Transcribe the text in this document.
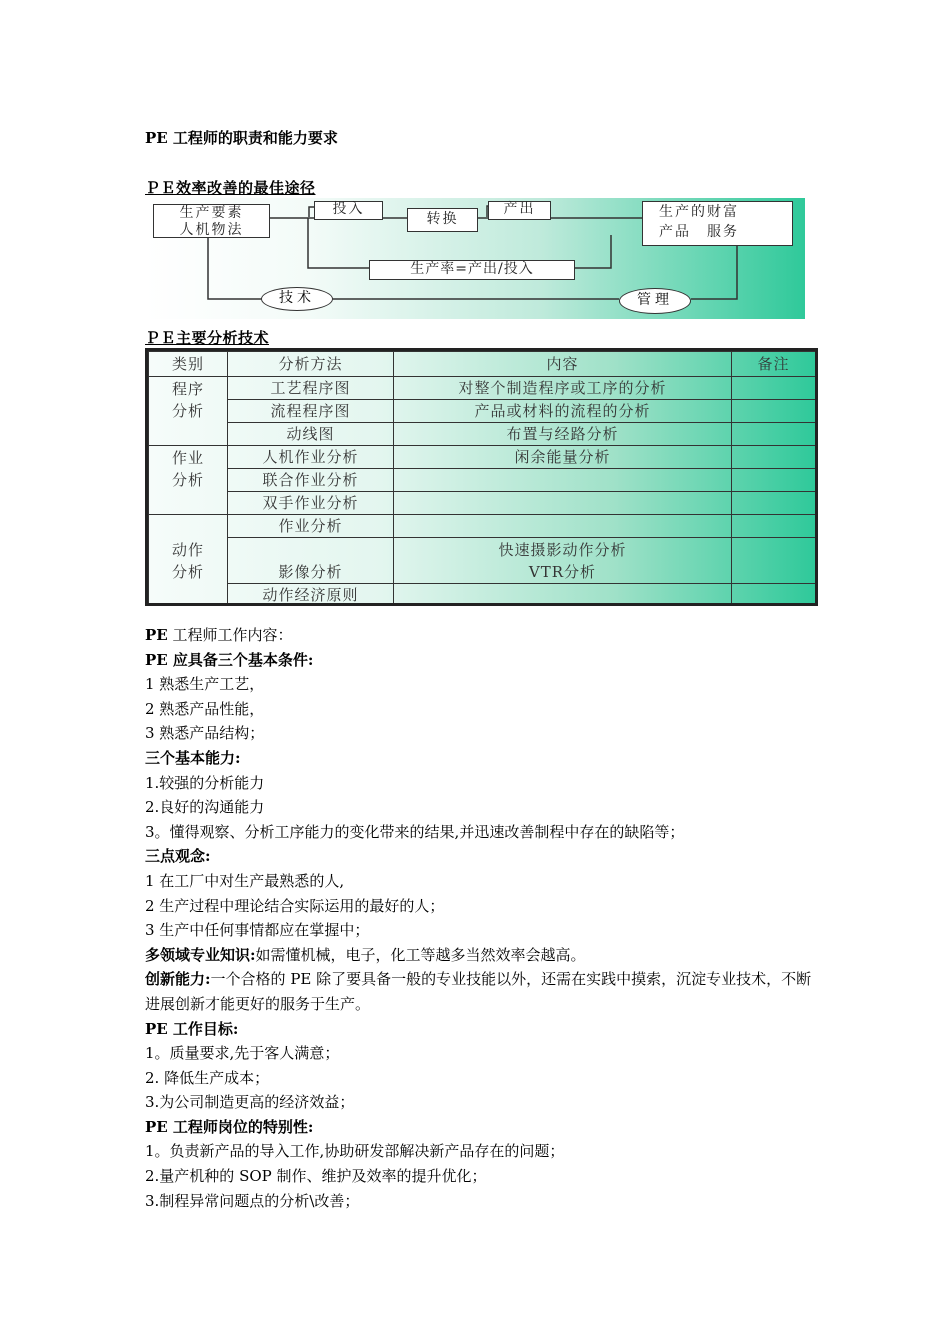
PE 工程师的职责和能力要求
ＰＥ效率改善的最佳途径
生产要素
人机物法
投入
转换
产出	生产的财富
产品　服务
生产率=产出/投入
技术	管理
ＰＥ主要分析技术
类别	分析方法	内容	备注

程序
分析	工艺程序图	对整个制造程序或工序的分析	
	流程程序图	产品或材料的流程的分析	
	动线图	布置与经路分析	

作业
分析	人机作业分析	闲余能量分析	
	联合作业分析		
	双手作业分析		

动作
分析	作业分析		
	影像分析	快速摄影动作分析
VTR分析	

	动作经济原则		

PE 工程师工作内容：

PE 应具备三个基本条件:

1 熟悉生产工艺，

2 熟悉产品性能，

3 熟悉产品结构；

三个基本能力:

1.较强的分析能力

2.良好的沟通能力

3。懂得观察、分析工序能力的变化带来的结果,并迅速改善制程中存在的缺陷等；

三点观念:

1 在工厂中对生产最熟悉的人,

2 生产过程中理论结合实际运用的最好的人；

3 生产中任何事情都应在掌握中；

多领域专业知识:如需懂机械，电子，化工等越多当然效率会越高。

创新能力:一个合格的 PE 除了要具备一般的专业技能以外，还需在实践中摸索，沉淀专业技术，不断进展创新才能更好的服务于生产。

PE 工作目标:

1。质量要求,先于客人满意；

2. 降低生产成本；

3.为公司制造更高的经济效益；

PE 工程师岗位的特别性:

1。负责新产品的导入工作,协助研发部解决新产品存在的问题；

2.量产机种的 SOP 制作、维护及效率的提升优化；

3.制程异常问题点的分析\改善；
